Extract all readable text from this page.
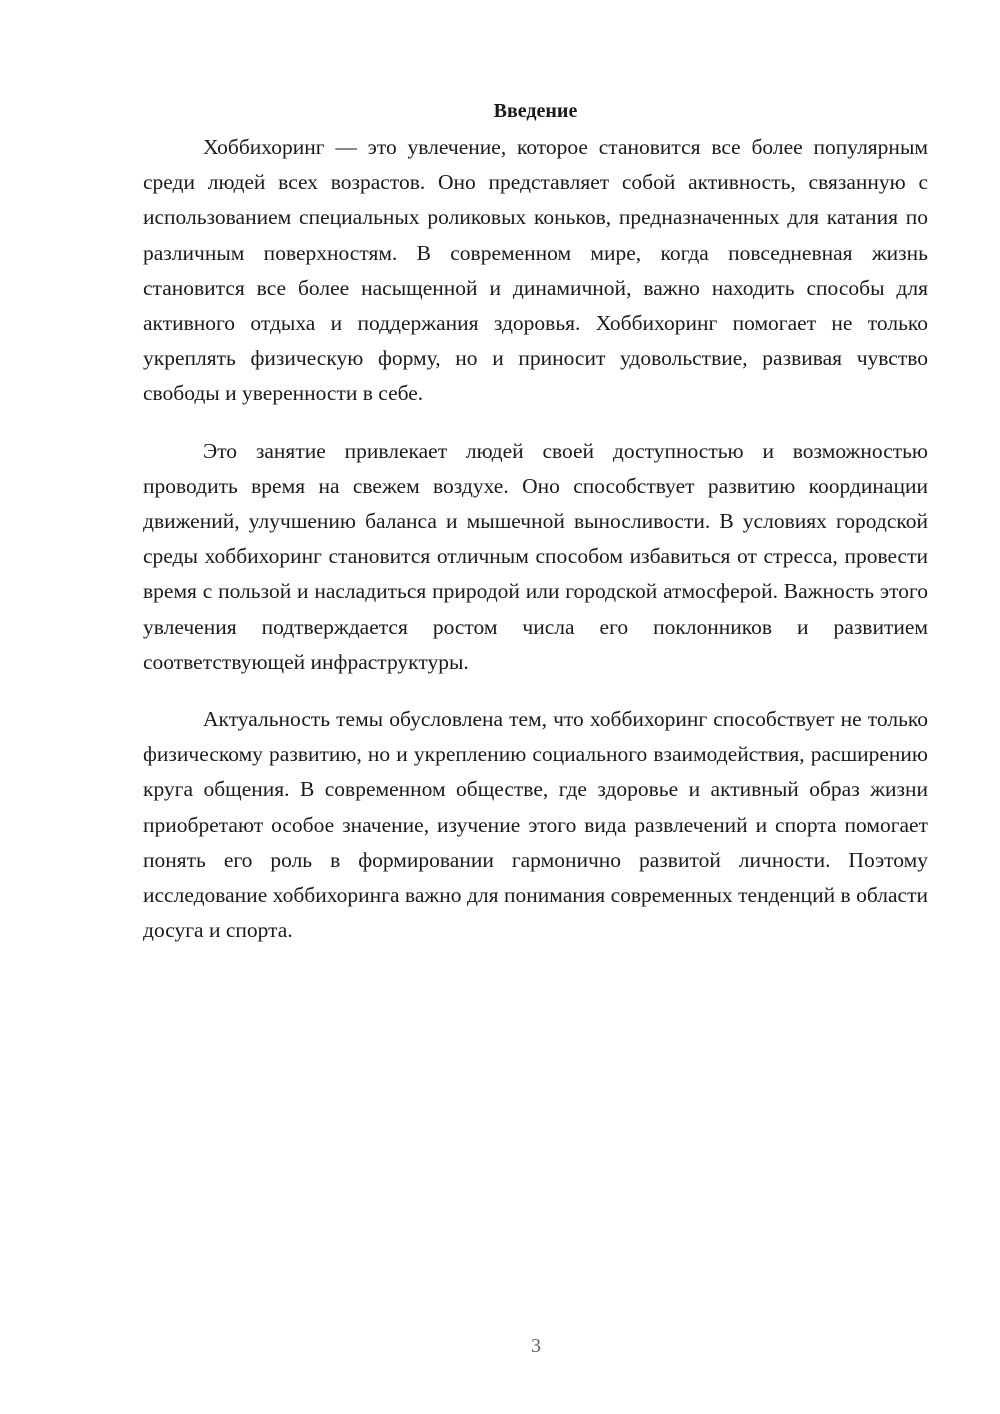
Введение

Хоббихоринг — это увлечение, которое становится все более популярным среди людей всех возрастов. Оно представляет собой активность, связанную с использованием специальных роликовых коньков, предназначенных для катания по различным поверхностям. В современном мире, когда повседневная жизнь становится все более насыщенной и динамичной, важно находить способы для активного отдыха и поддержания здоровья. Хоббихоринг помогает не только укреплять физическую форму, но и приносит удовольствие, развивая чувство свободы и уверенности в себе.

Это занятие привлекает людей своей доступностью и возможностью проводить время на свежем воздухе. Оно способствует развитию координации движений, улучшению баланса и мышечной выносливости. В условиях городской среды хоббихоринг становится отличным способом избавиться от стресса, провести время с пользой и насладиться природой или городской атмосферой. Важность этого увлечения подтверждается ростом числа его поклонников и развитием соответствующей инфраструктуры.

Актуальность темы обусловлена тем, что хоббихоринг способствует не только физическому развитию, но и укреплению социального взаимодействия, расширению круга общения. В современном обществе, где здоровье и активный образ жизни приобретают особое значение, изучение этого вида развлечений и спорта помогает понять его роль в формировании гармонично развитой личности. Поэтому исследование хоббихоринга важно для понимания современных тенденций в области досуга и спорта.

3
